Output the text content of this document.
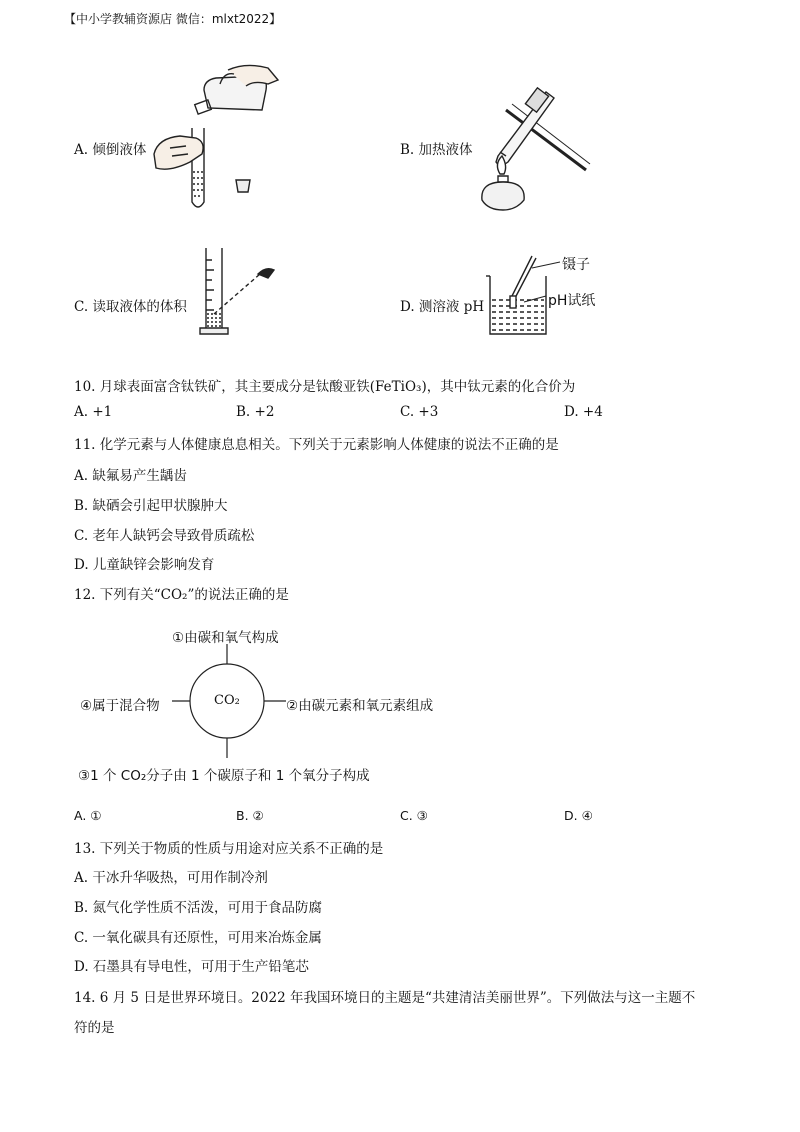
【中小学教辅资源店 微信：mlxt2022】
A. 倾倒液体	B. 加热液体
C. 读取液体的体积
镊子
pH试纸
D. 测溶液 pH
10. 月球表面富含钛铁矿，其主要成分是钛酸亚铁(FeTiO₃)，其中钛元素的化合价为
A. +1	B. +2	C. +3	D. +4
11. 化学元素与人体健康息息相关。下列关于元素影响人体健康的说法不正确的是
A. 缺氟易产生龋齿
B. 缺硒会引起甲状腺肿大
C. 老年人缺钙会导致骨质疏松
D. 儿童缺锌会影响发育
12. 下列有关“CO₂”的说法正确的是
CO₂
①由碳和氧气构成
②由碳元素和氧元素组成
③1 个 CO₂分子由 1 个碳原子和 1 个氧分子构成
④属于混合物
A. ①	B. ②	C. ③	D. ④
13. 下列关于物质的性质与用途对应关系不正确的是
A. 干冰升华吸热，可用作制冷剂
B. 氮气化学性质不活泼，可用于食品防腐
C. 一氧化碳具有还原性，可用来冶炼金属
D. 石墨具有导电性，可用于生产铅笔芯
14. 6 月 5 日是世界环境日。2022 年我国环境日的主题是“共建清洁美丽世界”。下列做法与这一主题不
符的是
